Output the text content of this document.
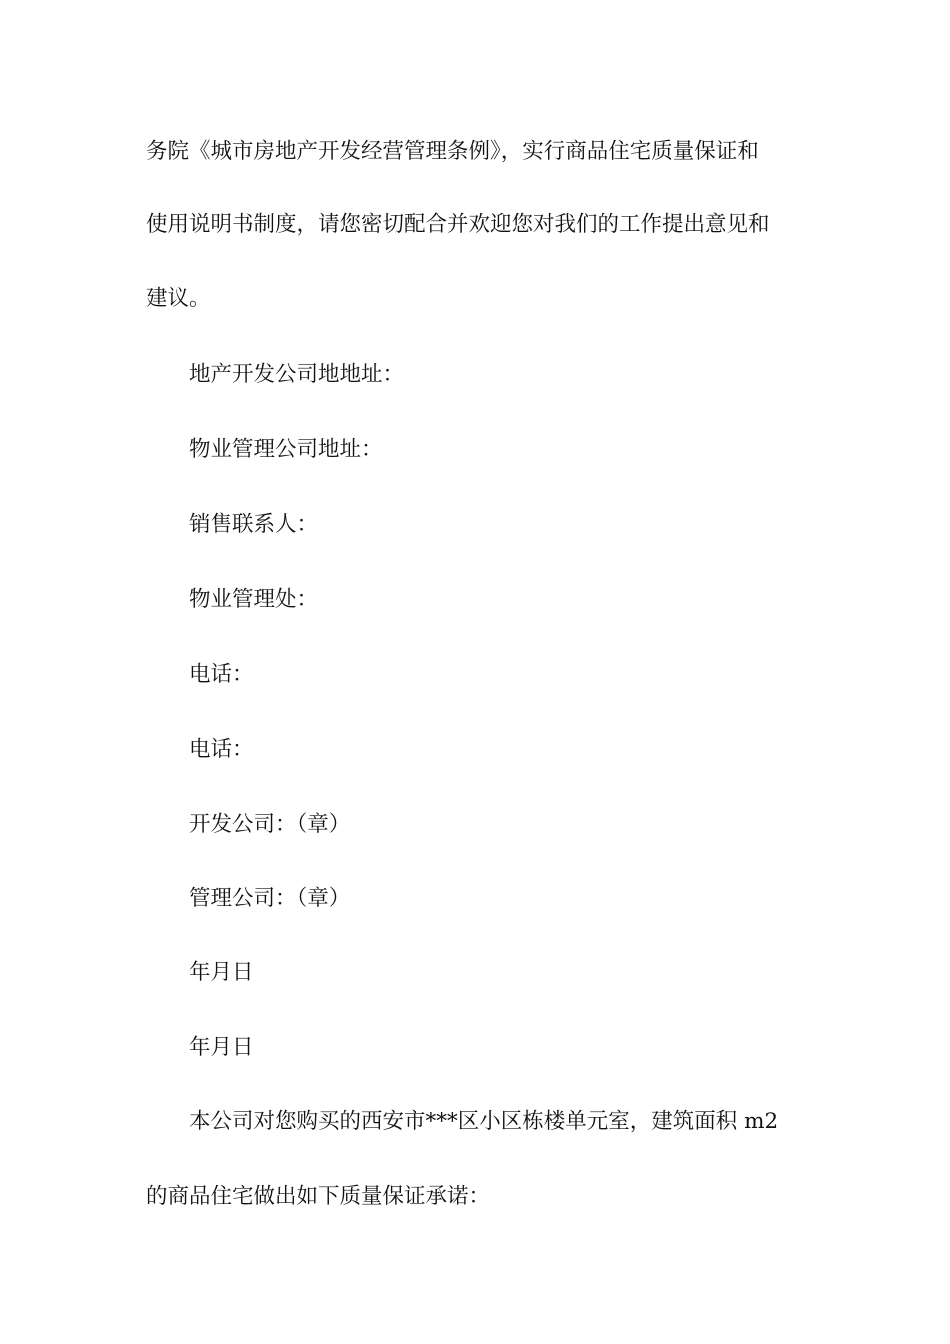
务院《城市房地产开发经营管理条例》，实行商品住宅质量保证和
使用说明书制度，请您密切配合并欢迎您对我们的工作提出意见和
建议。
地产开发公司地地址：
物业管理公司地址：
销售联系人：
物业管理处：
电话：
电话：
开发公司：（章）
管理公司：（章）
年月日
年月日
本公司对您购买的西安市***区小区栋楼单元室，建筑面积 m2
的商品住宅做出如下质量保证承诺：
